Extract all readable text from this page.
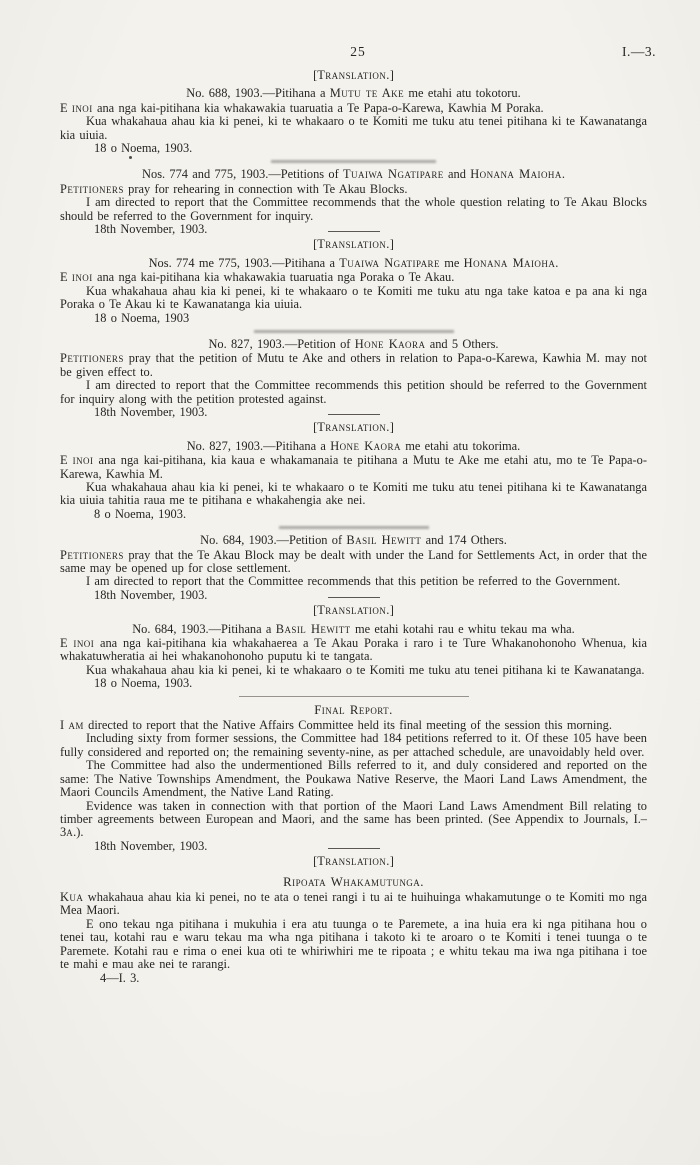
25	I.—3.
[Translation.]
No. 688, 1903.—Pitihana a Mutu te Ake me etahi atu tokotoru.
E inoi ana nga kai-pitihana kia whakawakia tuaruatia a Te Papa-o-Karewa, Kawhia M Poraka.
Kua whakahaua ahau kia ki penei, ki te whakaaro o te Komiti me tuku atu tenei pitihana ki te Kawanatanga kia uiuia.
18 o Noema, 1903.
Nos. 774 and 775, 1903.—Petitions of Tuaiwa Ngatipare and Honana Maioha.
Petitioners pray for rehearing in connection with Te Akau Blocks.
I am directed to report that the Committee recommends that the whole question relating to Te Akau Blocks should be referred to the Government for inquiry.
18th November, 1903.
[Translation.]
Nos. 774 me 775, 1903.—Pitihana a Tuaiwa Ngatipare me Honana Maioha.
E inoi ana nga kai-pitihana kia whakawakia tuaruatia nga Poraka o Te Akau.
Kua whakahaua ahau kia ki penei, ki te whakaaro o te Komiti me tuku atu nga take katoa e pa ana ki nga Poraka o Te Akau ki te Kawanatanga kia uiuia.
18 o Noema, 1903
No. 827, 1903.—Petition of Hone Kaora and 5 Others.
Petitioners pray that the petition of Mutu te Ake and others in relation to Papa-o-Karewa, Kawhia M. may not be given effect to.
I am directed to report that the Committee recommends this petition should be referred to the Government for inquiry along with the petition protested against.
18th November, 1903.
[Translation.]
No. 827, 1903.—Pitihana a Hone Kaora me etahi atu tokorima.
E inoi ana nga kai-pitihana, kia kaua e whakamanaia te pitihana a Mutu te Ake me etahi atu, mo te Te Papa-o-Karewa, Kawhia M.
Kua whakahaua ahau kia ki penei, ki te whakaaro o te Komiti me tuku atu tenei pitihana ki te Kawanatanga kia uiuia tahitia raua me te pitihana e whakahengia ake nei.
8 o Noema, 1903.
No. 684, 1903.—Petition of Basil Hewitt and 174 Others.
Petitioners pray that the Te Akau Block may be dealt with under the Land for Settlements Act, in order that the same may be opened up for close settlement.
I am directed to report that the Committee recommends that this petition be referred to the Government.
18th November, 1903.
[Translation.]
No. 684, 1903.—Pitihana a Basil Hewitt me etahi kotahi rau e whitu tekau ma wha.
E inoi ana nga kai-pitihana kia whakahaerea a Te Akau Poraka i raro i te Ture Whakanohonoho Whenua, kia whakatuwheratia ai hei whakanohonoho puputu ki te tangata.
Kua whakahaua ahau kia ki penei, ki te whakaaro o te Komiti me tuku atu tenei pitihana ki te Kawanatanga.
18 o Noema, 1903.
Final Report.
I am directed to report that the Native Affairs Committee held its final meeting of the session this morning.
Including sixty from former sessions, the Committee had 184 petitions referred to it. Of these 105 have been fully considered and reported on; the remaining seventy-nine, as per attached schedule, are unavoidably held over.
The Committee had also the undermentioned Bills referred to it, and duly considered and reported on the same: The Native Townships Amendment, the Poukawa Native Reserve, the Maori Land Laws Amendment, the Maori Councils Amendment, the Native Land Rating.
Evidence was taken in connection with that portion of the Maori Land Laws Amendment Bill relating to timber agreements between European and Maori, and the same has been printed. (See Appendix to Journals, I.–3a.).
18th November, 1903.
[Translation.]
Ripoata Whakamutunga.
Kua whakahaua ahau kia ki penei, no te ata o tenei rangi i tu ai te huihuinga whakamutunge o te Komiti mo nga Mea Maori.
E ono tekau nga pitihana i mukuhia i era atu tuunga o te Paremete, a ina huia era ki nga pitihana hou o tenei tau, kotahi rau e waru tekau ma wha nga pitihana i takoto ki te aroaro o te Komiti i tenei tuunga o te Paremete. Kotahi rau e rima o enei kua oti te whiriwhiri me te ripoata ; e whitu tekau ma iwa nga pitihana i toe te mahi e mau ake nei te rarangi.
4—I. 3.
